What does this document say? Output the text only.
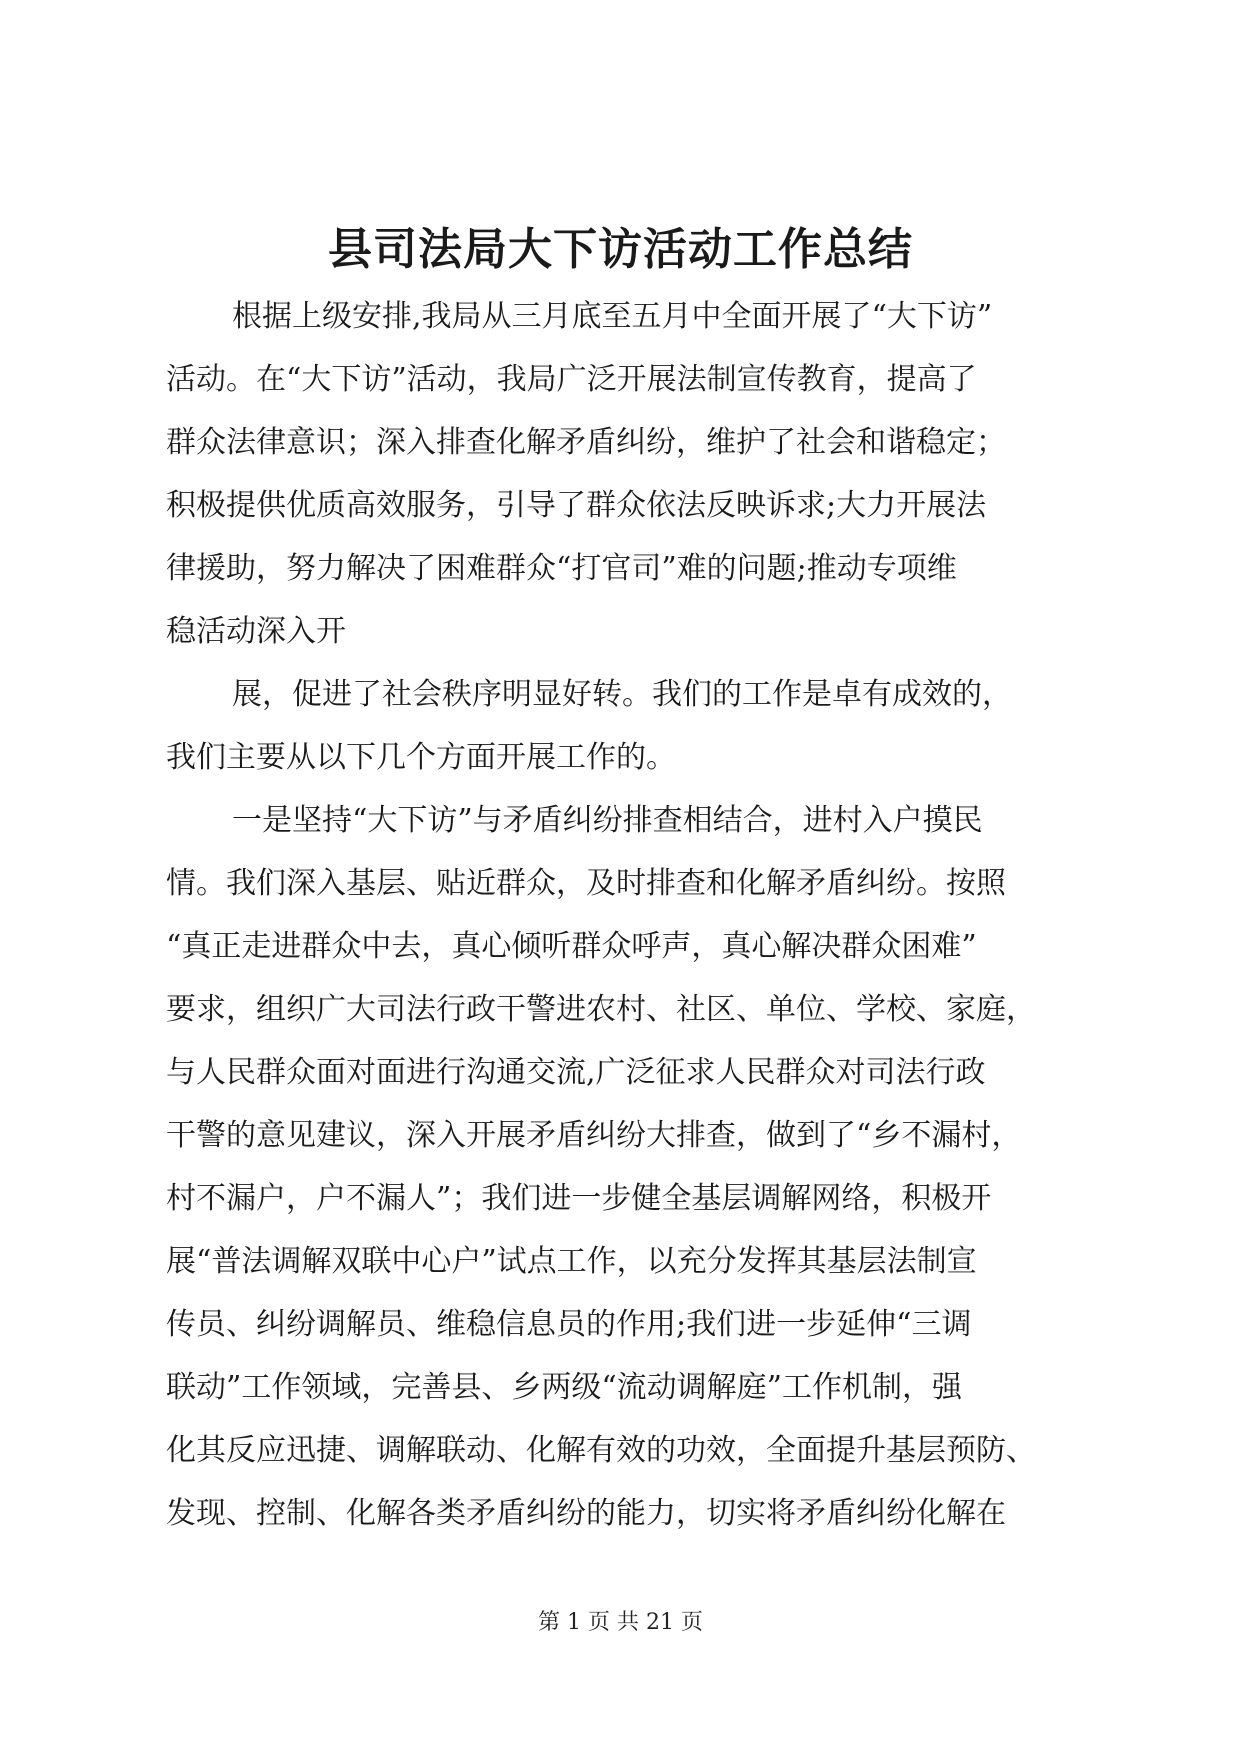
县司法局大下访活动工作总结
根据上级安排,我局从三月底至五月中全面开展了“大下访”
活动。在“大下访”活动，我局广泛开展法制宣传教育，提高了
群众法律意识；深入排查化解矛盾纠纷，维护了社会和谐稳定；
积极提供优质高效服务，引导了群众依法反映诉求;大力开展法
律援助，努力解决了困难群众“打官司”难的问题;推动专项维
稳活动深入开
展，促进了社会秩序明显好转。我们的工作是卓有成效的，
我们主要从以下几个方面开展工作的。
一是坚持“大下访”与矛盾纠纷排查相结合，进村入户摸民
情。我们深入基层、贴近群众，及时排查和化解矛盾纠纷。按照
“真正走进群众中去，真心倾听群众呼声，真心解决群众困难”
要求，组织广大司法行政干警进农村、社区、单位、学校、家庭，
与人民群众面对面进行沟通交流,广泛征求人民群众对司法行政
干警的意见建议，深入开展矛盾纠纷大排查，做到了“乡不漏村，
村不漏户，户不漏人”；我们进一步健全基层调解网络，积极开
展“普法调解双联中心户”试点工作，以充分发挥其基层法制宣
传员、纠纷调解员、维稳信息员的作用;我们进一步延伸“三调
联动”工作领域，完善县、乡两级“流动调解庭”工作机制，强
化其反应迅捷、调解联动、化解有效的功效，全面提升基层预防、
发现、控制、化解各类矛盾纠纷的能力，切实将矛盾纠纷化解在
第 1 页 共 21 页
